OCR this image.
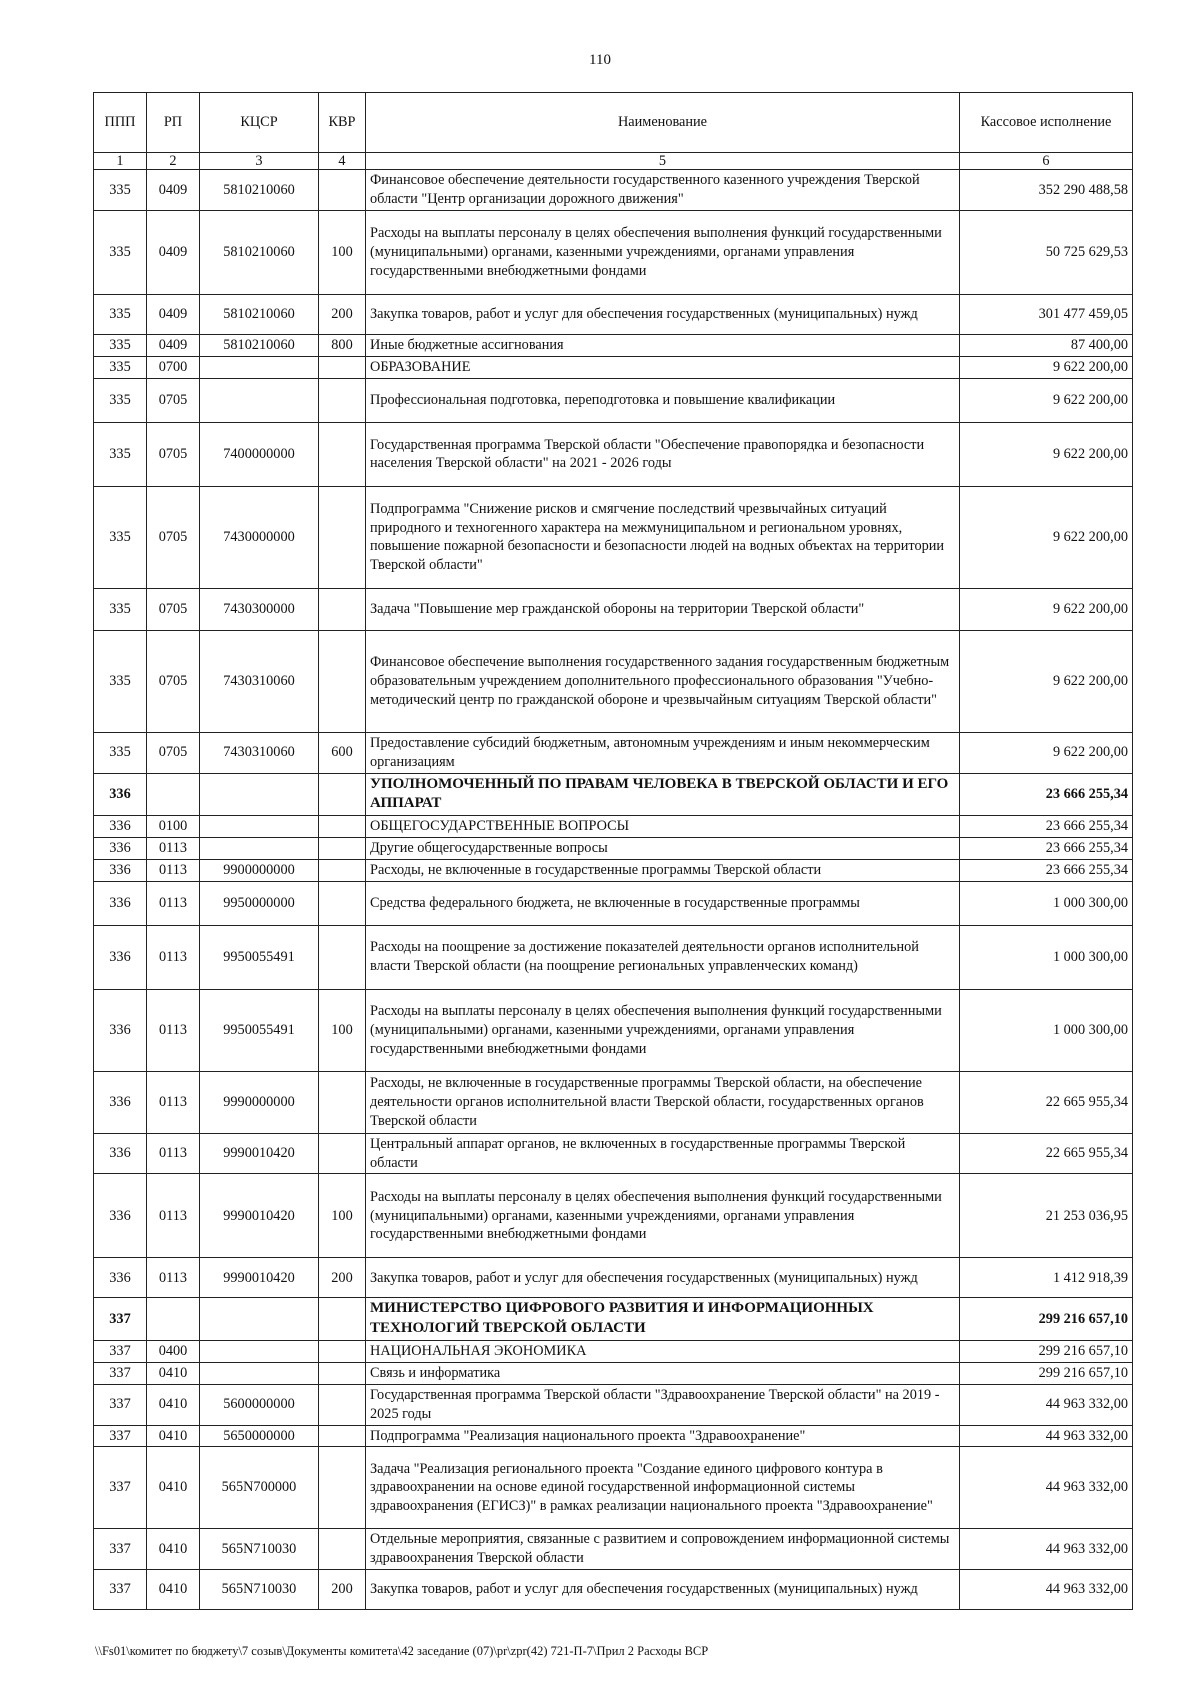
110
ППП	РП	КЦСР	КВР	Наименование	Кассовое исполнение
1	2	3	4	5	6
335	0409	5810210060		Финансовое обеспечение деятельности государственного казенного учреждения Тверской области "Центр организации дорожного движения"	352 290 488,58
335	0409	5810210060	100	Расходы на выплаты персоналу в целях обеспечения выполнения функций государственными (муниципальными) органами, казенными учреждениями, органами управления государственными внебюджетными фондами	50 725 629,53
335	0409	5810210060	200	Закупка товаров, работ и услуг для обеспечения государственных (муниципальных) нужд	301 477 459,05
335	0409	5810210060	800	Иные бюджетные ассигнования	87 400,00
335	0700			ОБРАЗОВАНИЕ	9 622 200,00
335	0705			Профессиональная подготовка, переподготовка и повышение квалификации	9 622 200,00
335	0705	7400000000		Государственная программа Тверской области "Обеспечение правопорядка и безопасности населения Тверской области" на 2021 - 2026 годы	9 622 200,00
335	0705	7430000000		Подпрограмма "Снижение рисков и смягчение последствий чрезвычайных ситуаций природного и техногенного характера на межмуниципальном и региональном уровнях, повышение пожарной безопасности и безопасности людей на водных объектах на территории Тверской области"	9 622 200,00
335	0705	7430300000		Задача "Повышение мер гражданской обороны на территории Тверской области"	9 622 200,00
335	0705	7430310060		Финансовое обеспечение выполнения государственного задания государственным бюджетным образовательным учреждением дополнительного профессионального образования "Учебно-методический центр по гражданской обороне и чрезвычайным ситуациям Тверской области"	9 622 200,00
335	0705	7430310060	600	Предоставление субсидий бюджетным, автономным учреждениям и иным некоммерческим организациям	9 622 200,00
336				УПОЛНОМОЧЕННЫЙ ПО ПРАВАМ ЧЕЛОВЕКА В ТВЕРСКОЙ ОБЛАСТИ И ЕГО АППАРАТ	23 666 255,34
336	0100			ОБЩЕГОСУДАРСТВЕННЫЕ ВОПРОСЫ	23 666 255,34
336	0113			Другие общегосударственные вопросы	23 666 255,34
336	0113	9900000000		Расходы, не включенные в государственные программы Тверской области	23 666 255,34
336	0113	9950000000		Средства федерального бюджета, не включенные в государственные программы	1 000 300,00
336	0113	9950055491		Расходы на поощрение за достижение показателей деятельности органов исполнительной власти Тверской области (на поощрение региональных управленческих команд)	1 000 300,00
336	0113	9950055491	100	Расходы на выплаты персоналу в целях обеспечения выполнения функций государственными (муниципальными) органами, казенными учреждениями, органами управления государственными внебюджетными фондами	1 000 300,00
336	0113	9990000000		Расходы, не включенные в государственные программы Тверской области, на обеспечение деятельности органов исполнительной власти Тверской области, государственных органов Тверской области	22 665 955,34
336	0113	9990010420		Центральный аппарат органов, не включенных в государственные программы Тверской области	22 665 955,34
336	0113	9990010420	100	Расходы на выплаты персоналу в целях обеспечения выполнения функций государственными (муниципальными) органами, казенными учреждениями, органами управления государственными внебюджетными фондами	21 253 036,95
336	0113	9990010420	200	Закупка товаров, работ и услуг для обеспечения государственных (муниципальных) нужд	1 412 918,39
337				МИНИСТЕРСТВО ЦИФРОВОГО РАЗВИТИЯ И ИНФОРМАЦИОННЫХ ТЕХНОЛОГИЙ ТВЕРСКОЙ ОБЛАСТИ	299 216 657,10
337	0400			НАЦИОНАЛЬНАЯ ЭКОНОМИКА	299 216 657,10
337	0410			Связь и информатика	299 216 657,10
337	0410	5600000000		Государственная программа Тверской области "Здравоохранение Тверской области" на 2019 - 2025 годы	44 963 332,00
337	0410	5650000000		Подпрограмма "Реализация национального проекта "Здравоохранение"	44 963 332,00
337	0410	565N700000		Задача "Реализация регионального проекта "Создание единого цифрового контура в здравоохранении на основе единой государственной информационной системы здравоохранения (ЕГИСЗ)" в рамках реализации национального проекта "Здравоохранение"	44 963 332,00
337	0410	565N710030		Отдельные мероприятия, связанные с развитием и сопровождением информационной системы здравоохранения Тверской области	44 963 332,00
337	0410	565N710030	200	Закупка товаров, работ и услуг для обеспечения государственных (муниципальных) нужд	44 963 332,00
\\Fs01\комитет по бюджету\7 созыв\Документы комитета\42 заседание (07)\pr\zpr(42) 721-П-7\Прил 2 Расходы ВСР
